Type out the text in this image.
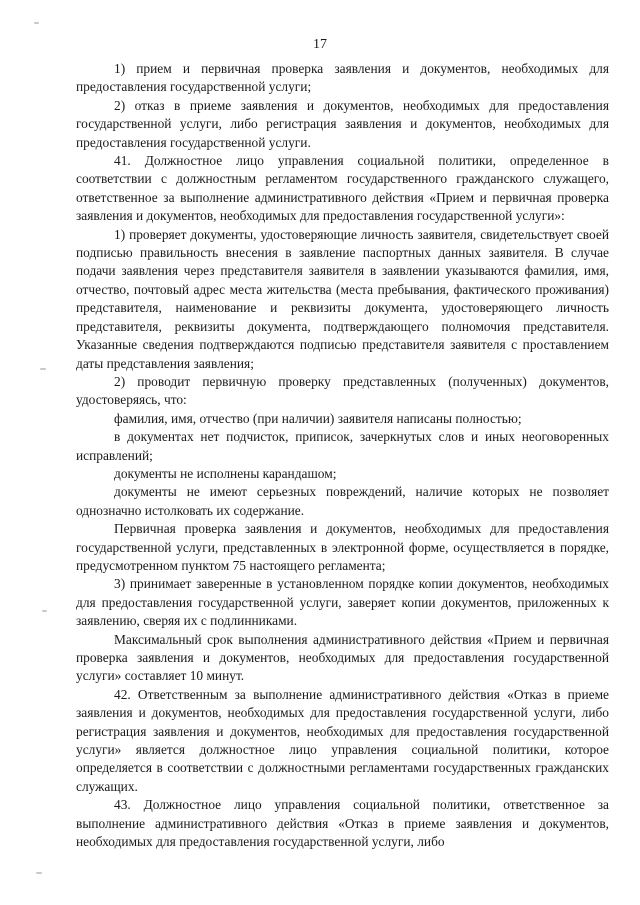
17

1) прием и первичная проверка заявления и документов, необходимых для предоставления государственной услуги;

2) отказ в приеме заявления и документов, необходимых для предоставления государственной услуги, либо регистрация заявления и документов, необходимых для предоставления государственной услуги.

41. Должностное лицо управления социальной политики, определенное в соответствии с должностным регламентом государственного гражданского служащего, ответственное за выполнение административного действия «Прием и первичная проверка заявления и документов, необходимых для предоставления государственной услуги»:

1) проверяет документы, удостоверяющие личность заявителя, свидетельствует своей подписью правильность внесения в заявление паспортных данных заявителя. В случае подачи заявления через представителя заявителя в заявлении указываются фамилия, имя, отчество, почтовый адрес места жительства (места пребывания, фактического проживания) представителя, наименование и реквизиты документа, удостоверяющего личность представителя, реквизиты документа, подтверждающего полномочия представителя. Указанные сведения подтверждаются подписью представителя заявителя с проставлением даты представления заявления;

2) проводит первичную проверку представленных (полученных) документов, удостоверяясь, что:

фамилия, имя, отчество (при наличии) заявителя написаны полностью;

в документах нет подчисток, приписок, зачеркнутых слов и иных неоговоренных исправлений;

документы не исполнены карандашом;

документы не имеют серьезных повреждений, наличие которых не позволяет однозначно истолковать их содержание.

Первичная проверка заявления и документов, необходимых для предоставления государственной услуги, представленных в электронной форме, осуществляется в порядке, предусмотренном пунктом 75 настоящего регламента;

3) принимает заверенные в установленном порядке копии документов, необходимых для предоставления государственной услуги, заверяет копии документов, приложенных к заявлению, сверяя их с подлинниками.

Максимальный срок выполнения административного действия «Прием и первичная проверка заявления и документов, необходимых для предоставления государственной услуги» составляет 10 минут.

42. Ответственным за выполнение административного действия «Отказ в приеме заявления и документов, необходимых для предоставления государственной услуги, либо регистрация заявления и документов, необходимых для предоставления государственной услуги» является должностное лицо управления социальной политики, которое определяется в соответствии с должностными регламентами государственных гражданских служащих.

43. Должностное лицо управления социальной политики, ответственное за выполнение административного действия «Отказ в приеме заявления и документов, необходимых для предоставления государственной услуги, либо
